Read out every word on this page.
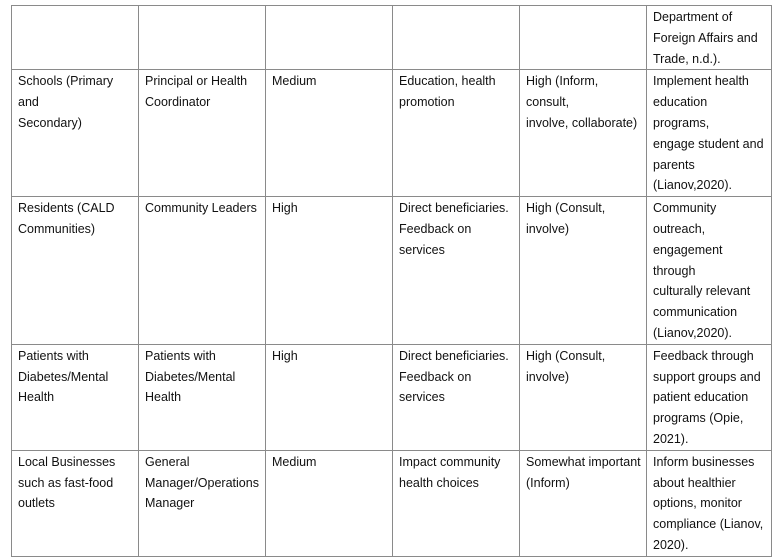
					Department of
Foreign Affairs and
Trade, n.d.).
Schools (Primary and
Secondary)	Principal or Health
Coordinator	Medium	Education, health
promotion	High (Inform, consult,
involve, collaborate)	Implement health
education programs,
engage student and
parents
(Lianov,2020).
Residents (CALD
Communities)	Community Leaders	High	Direct beneficiaries.
Feedback on
services	High (Consult,
involve)	Community outreach,
engagement through
culturally relevant
communication
(Lianov,2020).
Patients with
Diabetes/Mental
Health	Patients with
Diabetes/Mental
Health	High	Direct beneficiaries.
Feedback on
services	High (Consult,
involve)	Feedback through
support groups and
patient education
programs (Opie,
2021).
Local Businesses
such as fast-food
outlets	General
Manager/Operations
Manager	Medium	Impact community
health choices	Somewhat important
(Inform)	Inform businesses
about healthier
options, monitor
compliance (Lianov,
2020).
